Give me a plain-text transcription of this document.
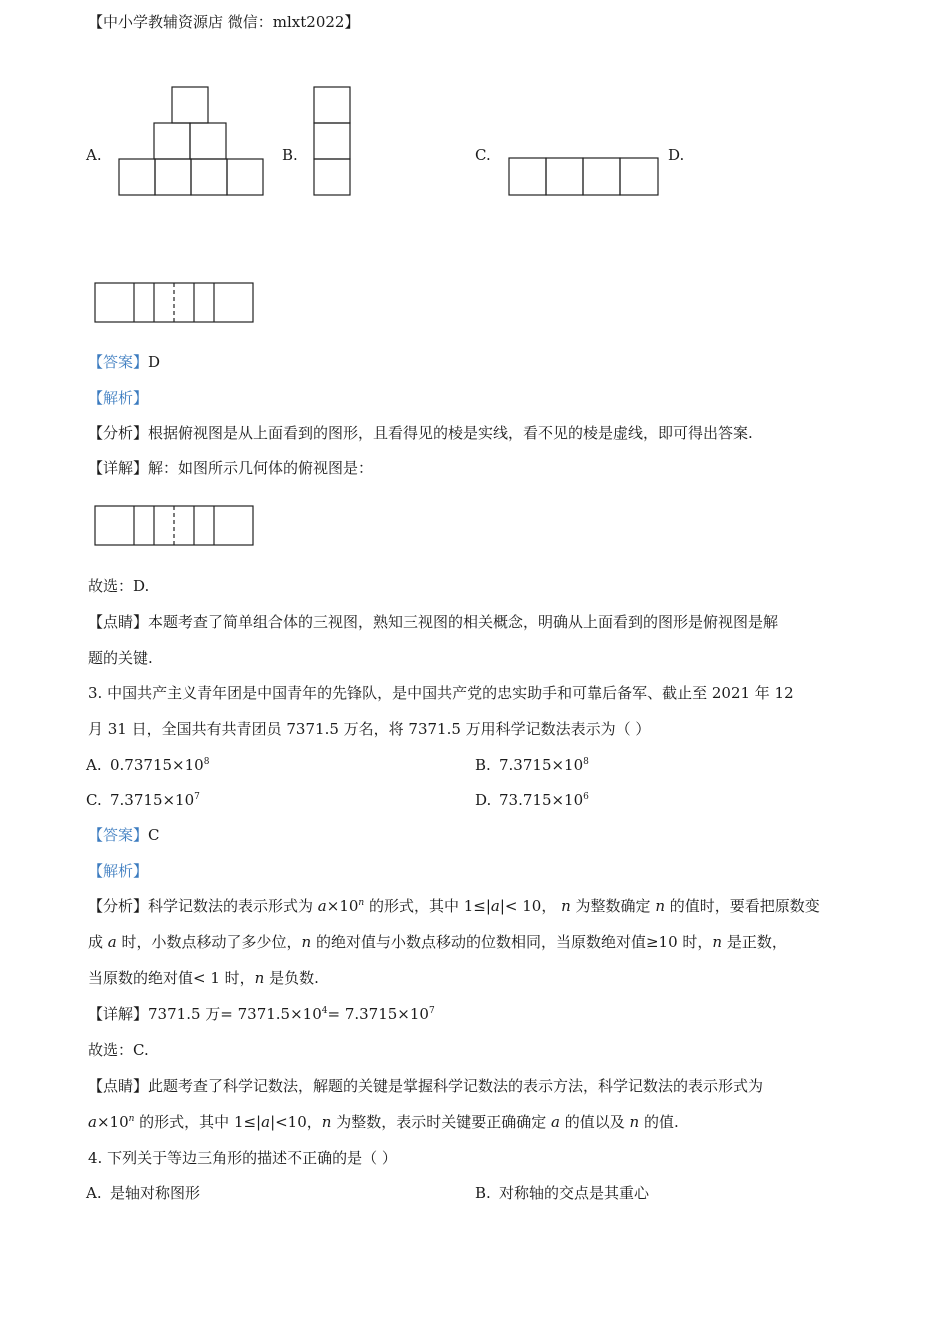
【中小学教辅资源店 微信：mlxt2022】
A.	B.	C.	D.
【答案】D
【解析】
【分析】根据俯视图是从上面看到的图形，且看得见的棱是实线，看不见的棱是虚线，即可得出答案.
【详解】解：如图所示几何体的俯视图是：
故选：D.
【点睛】本题考查了简单组合体的三视图，熟知三视图的相关概念，明确从上面看到的图形是俯视图是解
题的关键.
3. 中国共产主义青年团是中国青年的先锋队，是中国共产党的忠实助手和可靠后备军、截止至 2021 年 12
月 31 日，全国共有共青团员 7371.5 万名，将 7371.5 万用科学记数法表示为（ ）
A. $0.73715\times 10^8$	B. $7.3715\times 10^8$
C. $7.3715\times 10^7$	D. $73.715\times 10^6$
【答案】C
【解析】
【分析】科学记数法的表示形式为 $a\times 10^n$ 的形式，其中 1≤|a|< 10， n 为整数确定 n 的值时，要看把原数变
成 a 时，小数点移动了多少位，n 的绝对值与小数点移动的位数相同，当原数绝对值≥10 时，n 是正数，
当原数的绝对值< 1 时，n 是负数.
【详解】7371.5 万= $7371.5\times 10^4= 7.3715\times 10^7$
故选：C.
【点睛】此题考查了科学记数法，解题的关键是掌握科学记数法的表示方法，科学记数法的表示形式为
$a\times 10^n$ 的形式，其中 1≤|a|<10，n 为整数，表示时关键要正确确定 a 的值以及 n 的值.
4. 下列关于等边三角形的描述不正确的是（ ）
A. 是轴对称图形	B. 对称轴的交点是其重心
